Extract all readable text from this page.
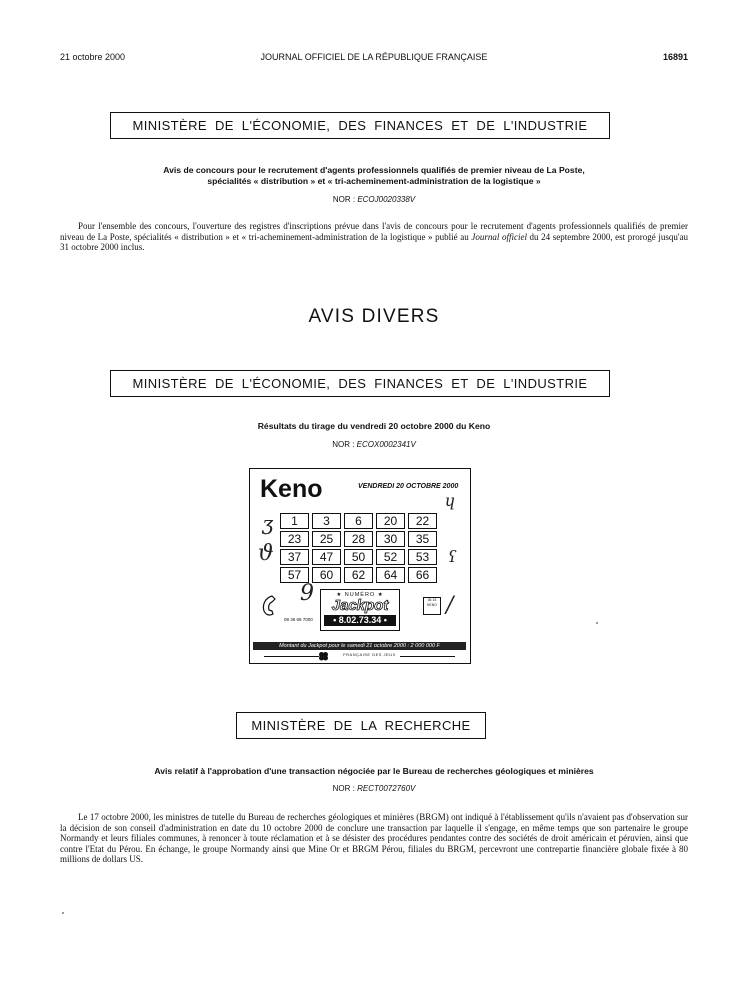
21 octobre 2000	JOURNAL OFFICIEL DE LA RÉPUBLIQUE FRANÇAISE	16891
MINISTÈRE DE L'ÉCONOMIE, DES FINANCES ET DE L'INDUSTRIE
Avis de concours pour le recrutement d'agents professionnels qualifiés de premier niveau de La Poste,
spécialités « distribution » et « tri-acheminement-administration de la logistique »
NOR : ECOJ0020338V
Pour l'ensemble des concours, l'ouverture des registres d'inscriptions prévue dans l'avis de concours pour le recrutement d'agents professionnels qualifiés de premier niveau de La Poste, spécialités « distribution » et « tri-acheminement-administration de la logistique » publié au Journal officiel du 24 septembre 2000, est prorogé jusqu'au 31 octobre 2000 inclus.
AVIS DIVERS
MINISTÈRE DE L'ÉCONOMIE, DES FINANCES ET DE L'INDUSTRIE
Résultats du tirage du vendredi 20 octobre 2000 du Keno
NOR : ECOX0002341V
Keno	VENDREDI 20 OCTOBRE 2000
1	3	6	20	22
23	25	28	30	35
37	47	50	52	53
57	60	62	64	66
ʒ
ϑ
ɥ
ʕ
9	/
08 36 68 7000
★ NUMÉRO ★
Jackpot
• 8.02.73.34 •
36 15 KENO
Montant du Jackpot pour le samedi 21 octobre 2000 : 2 000 000 F
FRANÇAISE DES JEUX
MINISTÈRE DE LA RECHERCHE
Avis relatif à l'approbation d'une transaction négociée par le Bureau de recherches géologiques et minières
NOR : RECT0072760V
Le 17 octobre 2000, les ministres de tutelle du Bureau de recherches géologiques et minières (BRGM) ont indiqué à l'établissement qu'ils n'avaient pas d'observation sur la décision de son conseil d'administration en date du 10 octobre 2000 de conclure une transaction par laquelle il s'engage, en même temps que son partenaire le groupe Normandy et leurs filiales communes, à renoncer à toute réclamation et à se désister des procédures pendantes contre des sociétés de droit américain et péruvien, ainsi que contre l'Etat du Pérou. En échange, le groupe Normandy ainsi que Mine Or et BRGM Pérou, filiales du BRGM, percevront une contrepartie financière globale fixée à 80 millions de dollars US.
